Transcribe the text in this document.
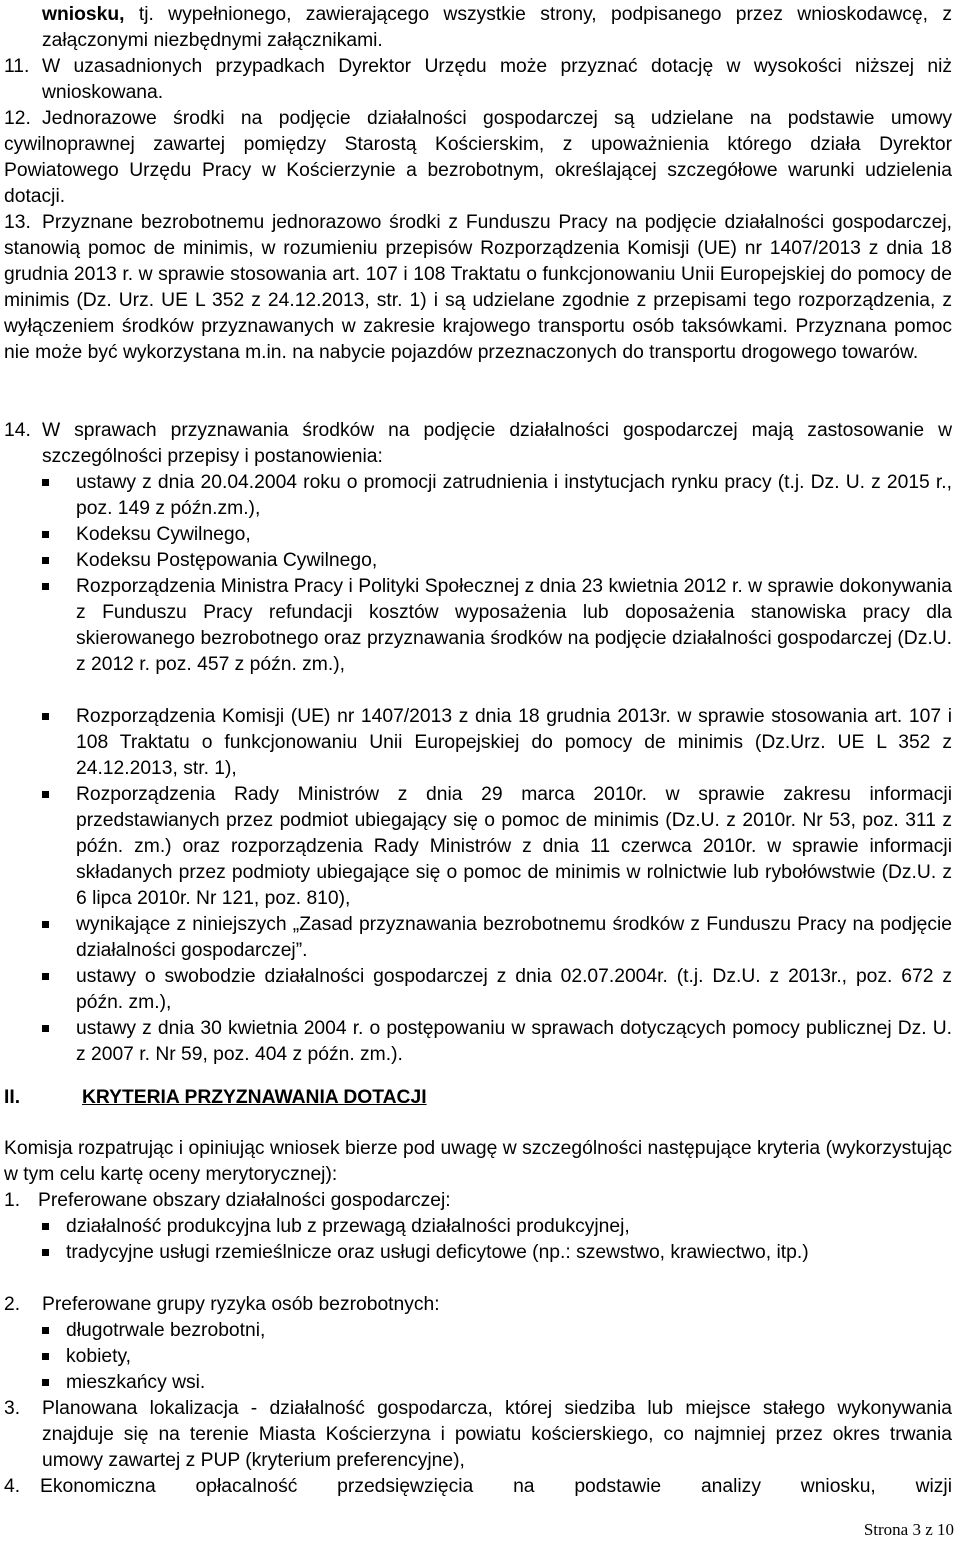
wniosku, tj. wypełnionego, zawierającego wszystkie strony, podpisanego przez wnioskodawcę, z załączonymi niezbędnymi załącznikami.
11. W uzasadnionych przypadkach Dyrektor Urzędu może przyznać dotację w wysokości niższej niż wnioskowana.
12. Jednorazowe środki na podjęcie działalności gospodarczej są udzielane na podstawie umowy cywilnoprawnej zawartej pomiędzy Starostą Kościerskim, z upoważnienia którego działa Dyrektor Powiatowego Urzędu Pracy w Kościerzynie a bezrobotnym, określającej szczegółowe warunki udzielenia dotacji.
13. Przyznane bezrobotnemu jednorazowo środki z Funduszu Pracy na podjęcie działalności gospodarczej, stanowią pomoc de minimis, w rozumieniu przepisów Rozporządzenia Komisji (UE) nr 1407/2013 z dnia 18 grudnia 2013 r. w sprawie stosowania art. 107 i 108 Traktatu o funkcjonowaniu Unii Europejskiej do pomocy de minimis (Dz. Urz. UE L 352 z 24.12.2013, str. 1) i są udzielane zgodnie z przepisami tego rozporządzenia, z wyłączeniem środków przyznawanych w zakresie krajowego transportu osób taksówkami. Przyznana pomoc nie może być wykorzystana m.in. na nabycie pojazdów przeznaczonych do transportu drogowego towarów.
14. W sprawach przyznawania środków na podjęcie działalności gospodarczej mają zastosowanie w szczególności przepisy i postanowienia:
ustawy z dnia 20.04.2004 roku o promocji zatrudnienia i instytucjach rynku pracy (t.j. Dz. U. z 2015 r., poz. 149 z późn.zm.),
Kodeksu Cywilnego,
Kodeksu Postępowania Cywilnego,
Rozporządzenia Ministra Pracy i Polityki Społecznej z dnia 23 kwietnia 2012 r. w sprawie dokonywania z Funduszu Pracy refundacji kosztów wyposażenia lub doposażenia stanowiska pracy dla skierowanego bezrobotnego oraz przyznawania środków na podjęcie działalności gospodarczej (Dz.U. z 2012 r. poz. 457 z późn. zm.),
Rozporządzenia Komisji (UE) nr 1407/2013 z dnia 18 grudnia 2013r. w sprawie stosowania art. 107 i 108 Traktatu o funkcjonowaniu Unii Europejskiej do pomocy de minimis (Dz.Urz. UE L 352 z 24.12.2013, str. 1),
Rozporządzenia Rady Ministrów z dnia 29 marca 2010r. w sprawie zakresu informacji przedstawianych przez podmiot ubiegający się o pomoc de minimis (Dz.U. z 2010r. Nr 53, poz. 311 z późn. zm.) oraz rozporządzenia Rady Ministrów z dnia 11 czerwca 2010r. w sprawie informacji składanych przez podmioty ubiegające się o pomoc de minimis w rolnictwie lub rybołówstwie (Dz.U. z 6 lipca 2010r. Nr 121, poz. 810),
wynikające z niniejszych „Zasad przyznawania bezrobotnemu środków z Funduszu Pracy na podjęcie działalności gospodarczej”.
ustawy o swobodzie działalności gospodarczej z dnia 02.07.2004r. (t.j. Dz.U. z 2013r., poz. 672 z późn. zm.),
ustawy z dnia 30 kwietnia 2004 r. o postępowaniu w sprawach dotyczących pomocy publicznej Dz. U. z 2007 r. Nr 59, poz. 404 z późn. zm.).
II.	KRYTERIA PRZYZNAWANIA DOTACJI
Komisja rozpatrując i opiniując wniosek bierze pod uwagę w szczególności następujące kryteria (wykorzystując w tym celu kartę oceny merytorycznej):
1. Preferowane obszary działalności gospodarczej:
działalność produkcyjna lub z przewagą działalności produkcyjnej,
tradycyjne usługi rzemieślnicze oraz usługi deficytowe (np.: szewstwo, krawiectwo, itp.)
2. Preferowane grupy ryzyka osób bezrobotnych:
długotrwale bezrobotni,
kobiety,
mieszkańcy wsi.
3. Planowana lokalizacja - działalność gospodarcza, której siedziba lub miejsce stałego wykonywania znajduje się na terenie Miasta Kościerzyna i powiatu kościerskiego, co najmniej przez okres trwania umowy zawartej z PUP (kryterium preferencyjne),
4. Ekonomiczna opłacalność przedsięwzięcia na podstawie analizy wniosku, wizji
Strona 3 z 10
